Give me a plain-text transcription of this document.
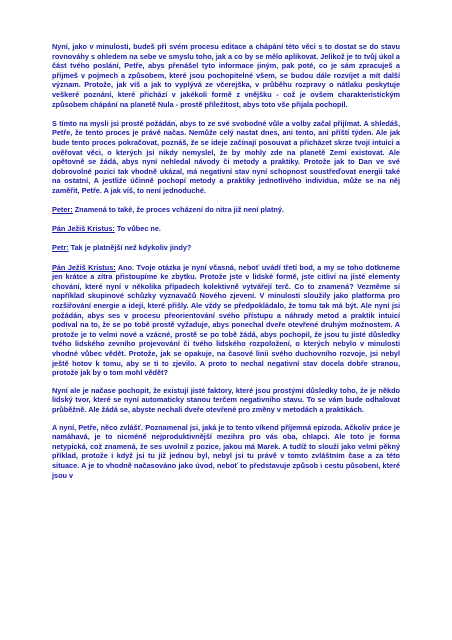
Nyní, jako v minulosti, budeš při svém procesu editace a chápání této věci s to dostat se do stavu rovnováhy s ohledem na sebe ve smyslu toho, jak a co by se mělo aplikovat. Jelikož je to tvůj úkol a část tvého poslání, Petře, abys přenášel tyto informace jiným, pak poté, co je sám zpracuješ a přijmeš v pojmech a způsobem, které jsou pochopitelné všem, se budou dále rozvíjet a mít další význam. Protože, jak víš a jak to vyplývá ze včerejška, v průběhu rozpravy o nátlaku poskytuje veškeré poznání, které přichází v jakékoli formě z vnějšku - což je ovšem charakteristickým způsobem chápání na planetě Nula - prostě příležitost, abys toto vše přijala pochopil.

S tímto na mysli jsi prostě požádán, abys to ze své svobodné vůle a volby začal přijímat. A shledáš, Petře, že tento proces je právě načas. Nemůže celý nastat dnes, ani tento, ani příští týden. Ale jak bude tento proces pokračovat, poznáš, že se ideje začínají posouvat a přicházet skrze tvojí intuici a ověřovat věci, o kterých jsi nikdy nemyslel, že by mohly zde na planetě Zemi existovat. Ale opětovně se žádá, abys nyní nehledal návody či metody a praktiky. Protože jak to Dan ve své dobrovolné pozici tak vhodně ukázal, má negativní stav nyní schopnost soustřeďovat energii také na ostatní, A jestliže účinně pochopí metody a praktiky jednotlivého individua, může se na něj zaměřit, Petře. A jak víš, to není jednoduché.

Peter: Znamená to také, že proces vcházení do nitra již není platný.

Pán Ježiš Kristus: To vůbec ne.

Petr: Tak je platnější než kdykoliv jindy?

Pán Ježiš Kristus: Ano. Tvoje otázka je nyní včasná, neboť uvádí třetí bod, a my se toho dotkneme jen krátce a zítra přistoupíme ke zbytku. Protože jste v lidské formě, jste citliví na jisté elementy chování, které nyní v několika případech kolektivně vytvářejí terč. Co to znamená? Vezměme si například skupinové schůzky vyznavačů Nového zjevení. V minulosti sloužily jako platforma pro rozšiřování energie a idejí, které přišly. Ale vždy se předpokládalo, že tomu tak má být. Ale nyní jsi požádán, abys ses v procesu přeorientování svého přístupu a náhrady metod a praktik intuicí podíval na to, že se po tobě prostě vyžaduje, abys ponechal dveře otevřené druhým možnostem. A protože je to velmi nové a vzácné, prostě se po tobě žádá, abys pochopil, že jsou tu jisté důsledky tvého lidského zevního projevování či tvého lidského rozpoložení, o kterých nebylo v minulosti vhodné vůbec vědět. Protože, jak se opakuje, na časové linii svého duchovního rozvoje, jsi nebyl ještě hotov k tomu, aby se ti to zjevilo. A proto to nechal negativní stav docela dobře stranou, protože jak by o tom mohl vědět?

Nyní ale je načase pochopit, že existují jisté faktory, které jsou prostými důsledky toho, že je někdo lidský tvor, které se nyní automaticky stanou terčem negativního stavu. To se vám bude odhalovat průběžně. Ale žádá se, abyste nechali dveře otevřené pro změny v metodách a praktikách.

A nyní, Petře, něco zvlášť. Poznamenal jsi, jaká je to tento víkend příjemná epizoda. Ačkoliv práce je namáhavá, je to nicméně nejproduktivnější mezihra pro vás oba, chlapci. Ale toto je forma netypická, což znamená, že ses uvolnil z pozice, jakou má Marek. A tudíž to slouží jako velmi pěkný příklad, protože i když jsi tu již jednou byl, nebyl jsi tu právě v tomto zvláštním čase a za této situace. A je to vhodně načasováno jako úvod, neboť to představuje způsob i cestu působení, které jsou v
